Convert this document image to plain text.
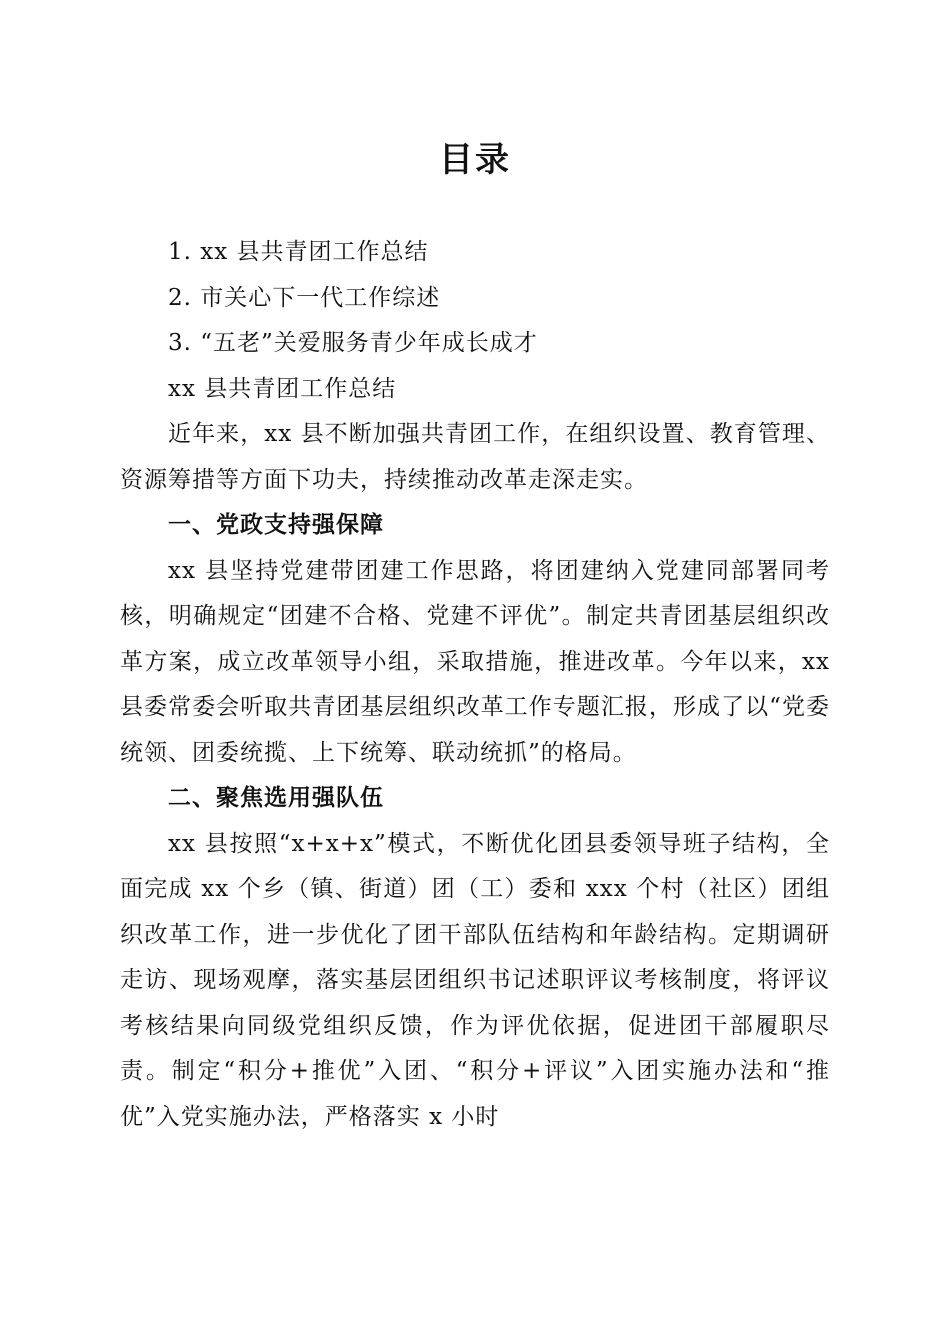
目录

1. xx 县共青团工作总结

2. 市关心下一代工作综述

3. “五老”关爱服务青少年成长成才

xx 县共青团工作总结

近年来，xx 县不断加强共青团工作，在组织设置、教育管理、资源筹措等方面下功夫，持续推动改革走深走实。

一、党政支持强保障

xx 县坚持党建带团建工作思路，将团建纳入党建同部署同考核，明确规定“团建不合格、党建不评优”。制定共青团基层组织改革方案，成立改革领导小组，采取措施，推进改革。今年以来，xx 县委常委会听取共青团基层组织改革工作专题汇报，形成了以“党委统领、团委统揽、上下统筹、联动统抓”的格局。

二、聚焦选用强队伍

xx 县按照“x+x+x”模式，不断优化团县委领导班子结构，全面完成 xx 个乡（镇、街道）团（工）委和 xxx 个村（社区）团组织改革工作，进一步优化了团干部队伍结构和年龄结构。定期调研走访、现场观摩，落实基层团组织书记述职评议考核制度，将评议考核结果向同级党组织反馈，作为评优依据，促进团干部履职尽责。制定“积分+推优”入团、“积分+评议”入团实施办法和“推优”入党实施办法，严格落实 x 小时
